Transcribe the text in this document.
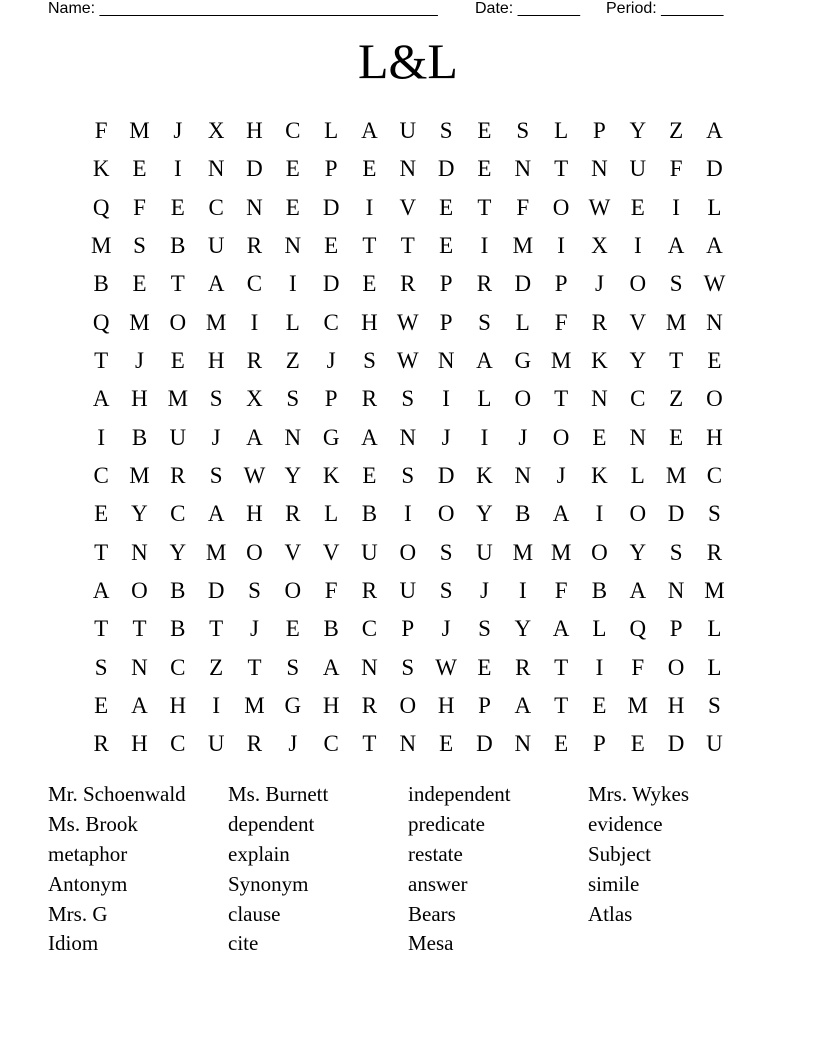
Name: ______________________________________ Date: _______ Period: _______
L&L
F M	J	X H C	L A U	S	E	S	L	P	Y Z A
K E	I	N D E	P	E N D E N T N U	F	D
Q	F	E	C N E D	I	V	E	T	F	O W E	I	L
M S	B U R N E	T	T	E	I	M	I	X	I	A A
B	E	T A C	I	D E	R	P	R D	P	J	O	S W
Q M O M	I	L	C H W P	S	L	F	R V M N
T	J	E H R	Z	J	S W N A G M K Y T	E
A H M S	X	S	P	R	S	I	L O T N C	Z O
I	B U	J	A N G A N	J	I	J	O E N E H
C M R	S W Y K E	S	D K N	J	K L M C
E Y C A H R	L	B	I	O Y B A	I	O D	S
T N Y M O V V U O	S	U M M O Y	S	R
A O B D	S	O	F	R U	S	J	I	F	B A N M
T	T	B	T	J	E	B C	P	J	S	Y A L Q	P	L
S	N C	Z	T	S	A N	S W E	R	T	I	F	O L
E A H	I	M G H R O H	P	A T	E M H	S
R H C U R	J	C	T N	E D N E	P	E D U
Mr. Schoenwald
Ms. Brook
metaphor
Antonym
Mrs. G
Idiom
Ms. Burnett
dependent
explain
Synonym
clause
cite
independent
predicate
restate
answer
Bears
Mesa
Mrs. Wykes
evidence
Subject
simile
Atlas
